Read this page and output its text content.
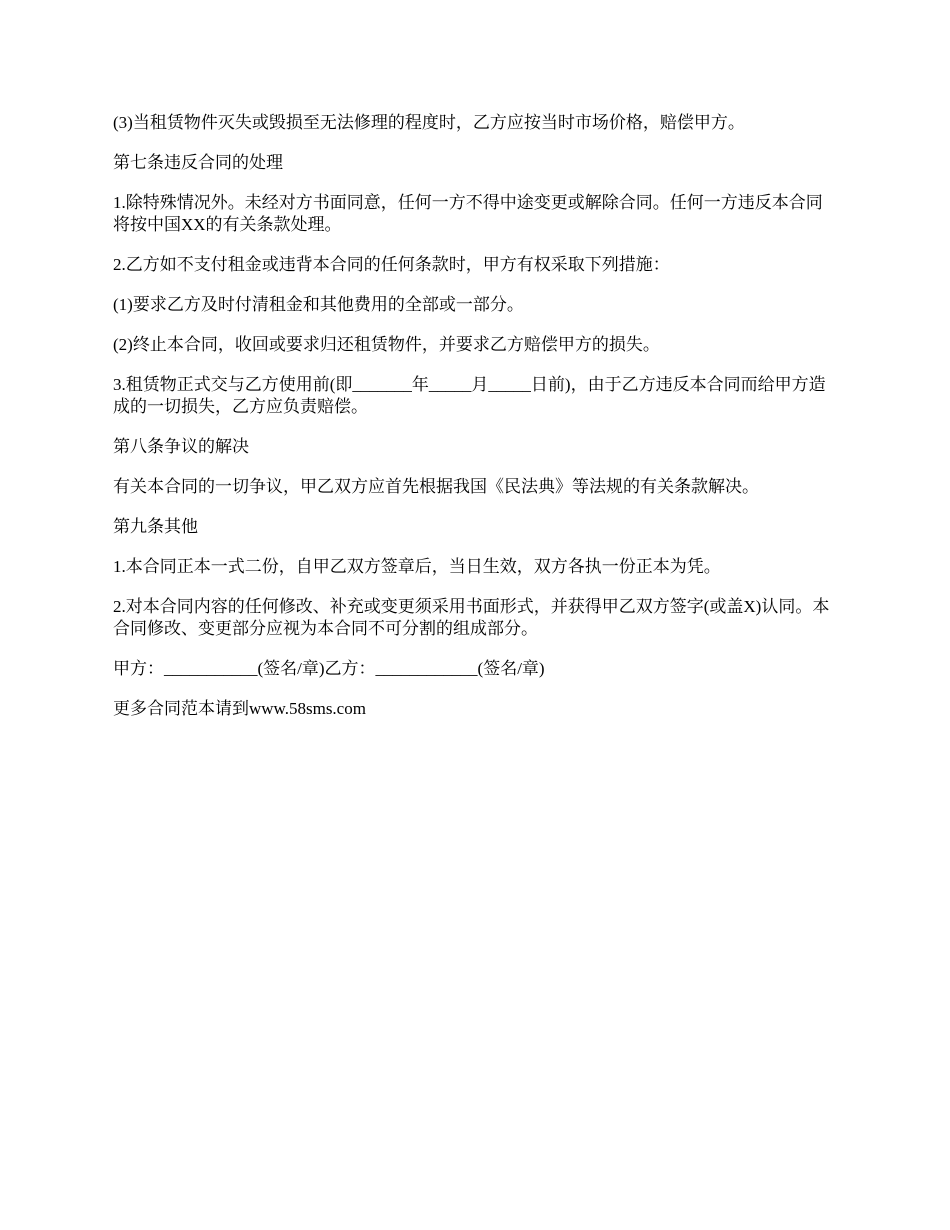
(3)当租赁物件灭失或毁损至无法修理的程度时，乙方应按当时市场价格，赔偿甲方。

第七条违反合同的处理

1.除特殊情况外。未经对方书面同意，任何一方不得中途变更或解除合同。任何一方违反本合同将按中国XX的有关条款处理。

2.乙方如不支付租金或违背本合同的任何条款时，甲方有权采取下列措施：

(1)要求乙方及时付清租金和其他费用的全部或一部分。

(2)终止本合同，收回或要求归还租赁物件，并要求乙方赔偿甲方的损失。

3.租赁物正式交与乙方使用前(即_______年_____月_____日前)，由于乙方违反本合同而给甲方造成的一切损失，乙方应负责赔偿。

第八条争议的解决

有关本合同的一切争议，甲乙双方应首先根据我国《民法典》等法规的有关条款解决。

第九条其他

1.本合同正本一式二份，自甲乙双方签章后，当日生效，双方各执一份正本为凭。

2.对本合同内容的任何修改、补充或变更须采用书面形式，并获得甲乙双方签字(或盖X)认同。本合同修改、变更部分应视为本合同不可分割的组成部分。

甲方：___________(签名/章)乙方：____________(签名/章)

更多合同范本请到www.58sms.com
